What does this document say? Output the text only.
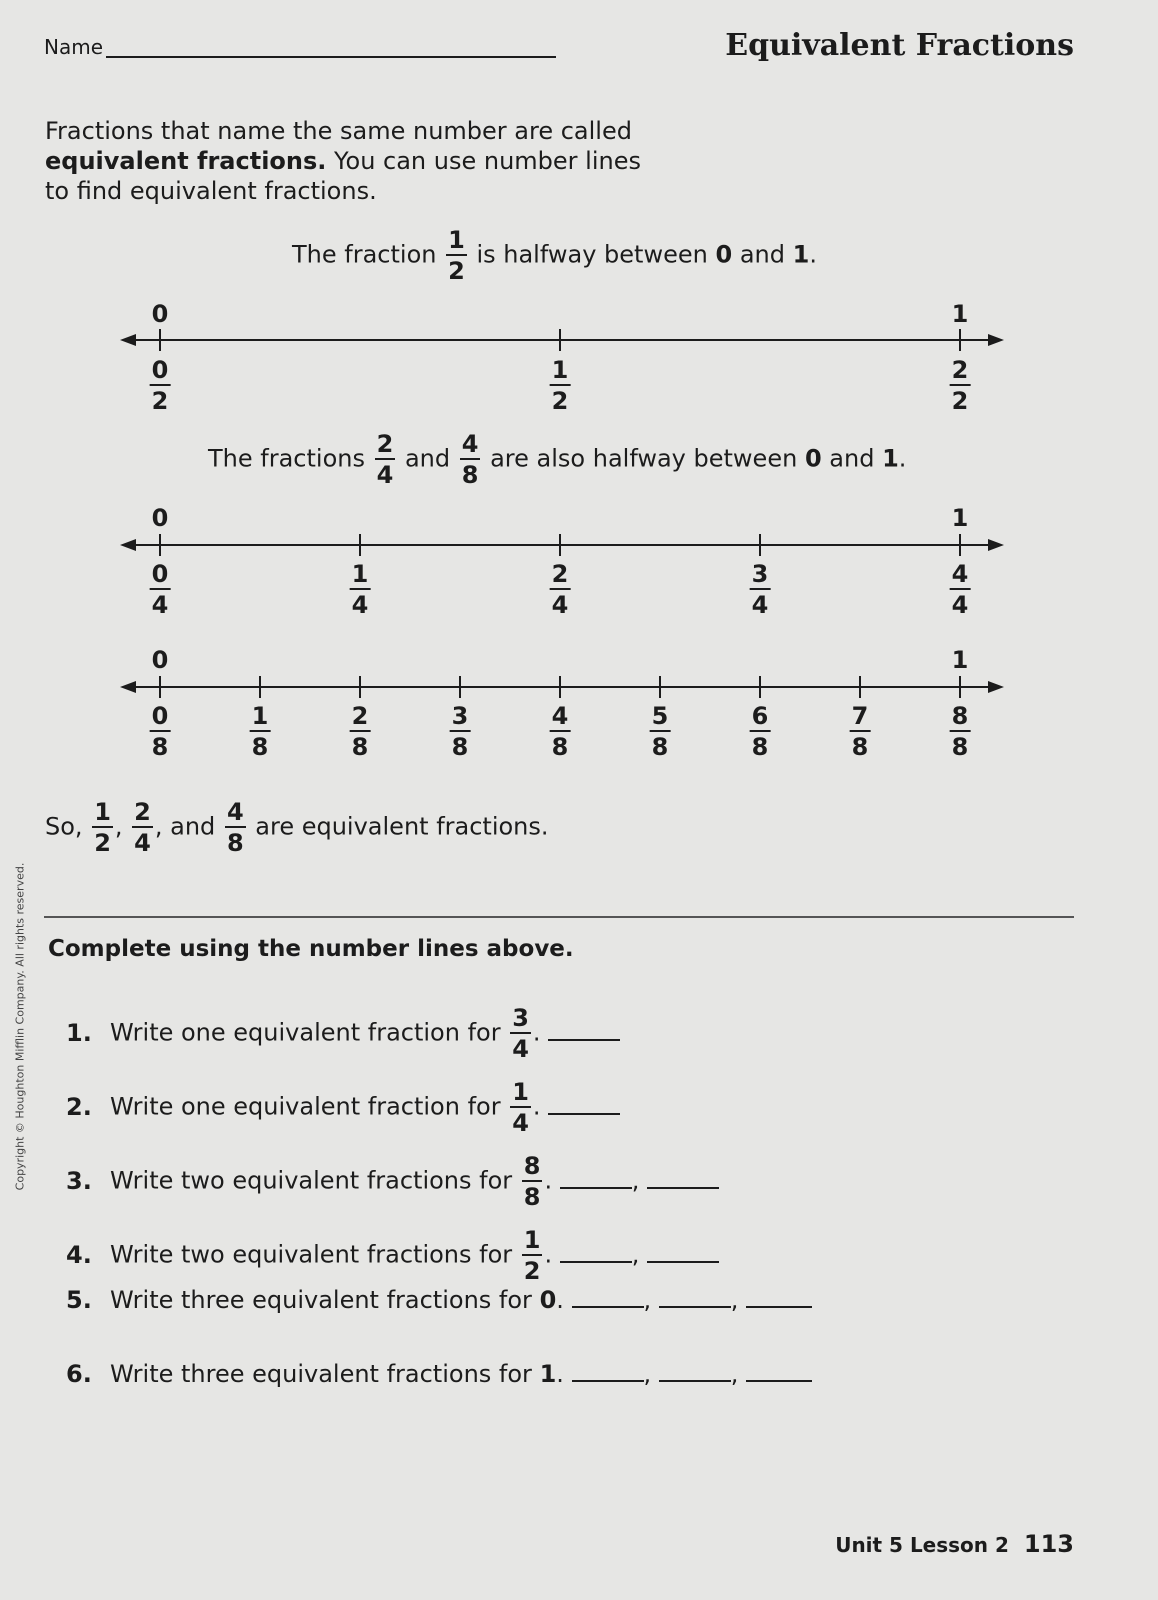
Name	Equivalent Fractions
Fractions that name the same number are called
equivalent fractions. You can use number lines
to find equivalent fractions.
The fraction $\frac{1}{2}$ is halfway between 0 and 1.
0	1
$\frac{0}{2}$	$\frac{1}{2}$	$\frac{2}{2}$
The fractions $\frac{2}{4}$ and $\frac{4}{8}$ are also halfway between 0 and 1.
0	1
$\frac{0}{4}$	$\frac{1}{4}$	$\frac{2}{4}$	$\frac{3}{4}$	$\frac{4}{4}$
0	1
$\frac{0}{8}$	$\frac{1}{8}$	$\frac{2}{8}$	$\frac{3}{8}$	$\frac{4}{8}$	$\frac{5}{8}$	$\frac{6}{8}$	$\frac{7}{8}$	$\frac{8}{8}$
So, $\frac{1}{2}$ , $\frac{2}{4}$ , and $\frac{4}{8}$ are equivalent fractions.
Complete using the number lines above.
1. Write one equivalent fraction for $\frac{3}{4}$ .
2. Write one equivalent fraction for $\frac{1}{4}$ .
3. Write two equivalent fractions for $\frac{8}{8}$ .	,
4. Write two equivalent fractions for $\frac{1}{2}$ .	,
5. Write three equivalent fractions for 0.	,	,
6. Write three equivalent fractions for 1.	,	,
Unit 5 Lesson 2 113
Copyright © Houghton Mifflin Company. All rights reserved.
